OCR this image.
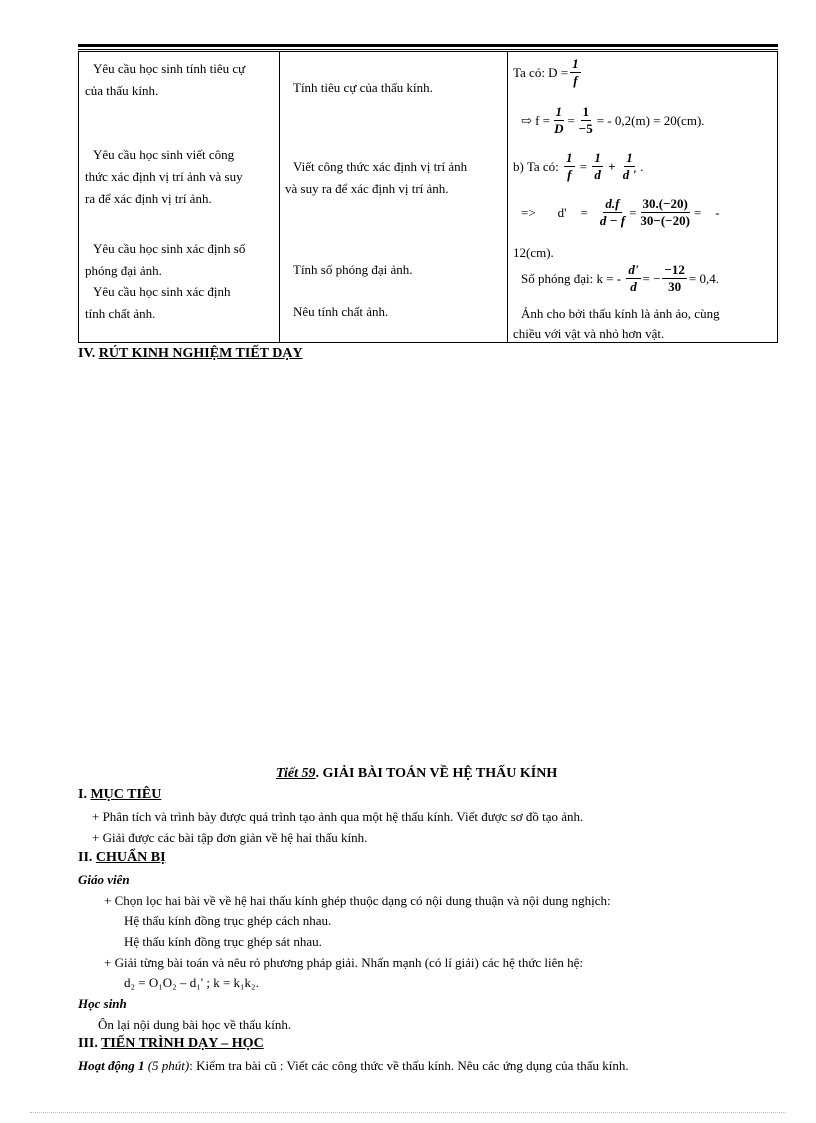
Yêu cầu học sinh tính tiêu cự
của thấu kính.
Yêu cầu học sinh viết công
thức xác định vị trí ảnh và suy
ra để xác định vị trí ảnh.
Yêu cầu học sinh xác định số
phóng đại ảnh.
Yêu cầu học sinh xác định
tính chất ảnh.
Tính tiêu cự của thấu kính.
Viết công thức xác định vị trí ảnh
và suy ra để xác định vị trí ảnh.
Tính số phóng đại ảnh.
Nêu tính chất ảnh.
Ta có: $D = \frac{1}{f}$
⇨ $f = \frac{1}{D} = \frac{1}{-5}$ = - 0,2(m) = 20(cm).
b) Ta có:
$\frac{1}{f}$
=
$\frac{1}{d}$
+
$\frac{1}{d '}$ .
=> $d' = \frac{d.f}{d - f} = \frac{30.(-20)}{30-(-20)}$ = -
12(cm).
Số phóng đại: k = -
$\frac{d'}{d}$ = − $\frac{-12}{30} = 0,4$.
Ảnh cho bởi thấu kính là ảnh ảo, cùng
chiều với vật và nhỏ hơn vật.
IV. RÚT KINH NGHIỆM TIẾT DẠY
Tiết 59. GIẢI BÀI TOÁN VỀ HỆ THẤU KÍNH
I. MỤC TIÊU
+ Phân tích và trình bày được quá trình tạo ảnh qua một hệ thấu kính. Viết được sơ đồ tạo ảnh.
+ Giải được các bài tập đơn giản về hệ hai thấu kính.
II. CHUẨN BỊ
Giáo viên
+ Chọn lọc hai bài về về hệ hai thấu kính ghép thuộc dạng có nội dung thuận và nội dung nghịch:
Hệ thấu kính đồng trục ghép cách nhau.
Hệ thấu kính đồng trục ghép sát nhau.
+ Giải từng bài toán và nêu rỏ phương pháp giải. Nhấn mạnh (có lí giải) các hệ thức liên hệ:
d₂ = O₁O₂ – d₁' ; k = k₁k₂.
Học sinh
Ôn lại nội dung bài học về thấu kính.
III. TIẾN TRÌNH DẠY – HỌC
Hoạt động 1 (5 phút): Kiểm tra bài cũ : Viết các công thức về thấu kính. Nêu các ứng dụng của thấu kính.
